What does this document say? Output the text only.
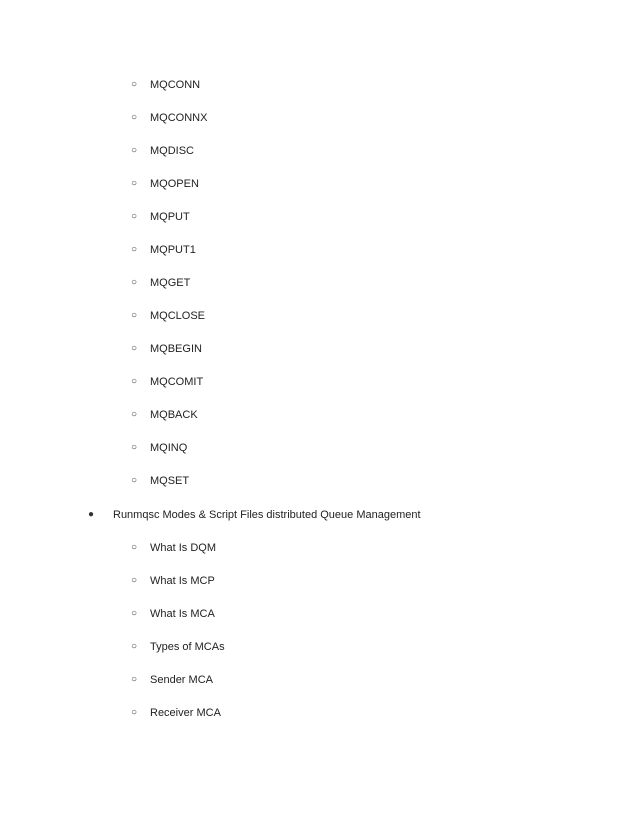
○ MQCONN
○ MQCONNX
○ MQDISC
○ MQOPEN
○ MQPUT
○ MQPUT1
○ MQGET
○ MQCLOSE
○ MQBEGIN
○ MQCOMIT
○ MQBACK
○ MQINQ
○ MQSET
● Runmqsc Modes & Script Files distributed Queue Management
○ What Is DQM
○ What Is MCP
○ What Is MCA
○ Types of MCAs
○ Sender MCA
○ Receiver MCA
